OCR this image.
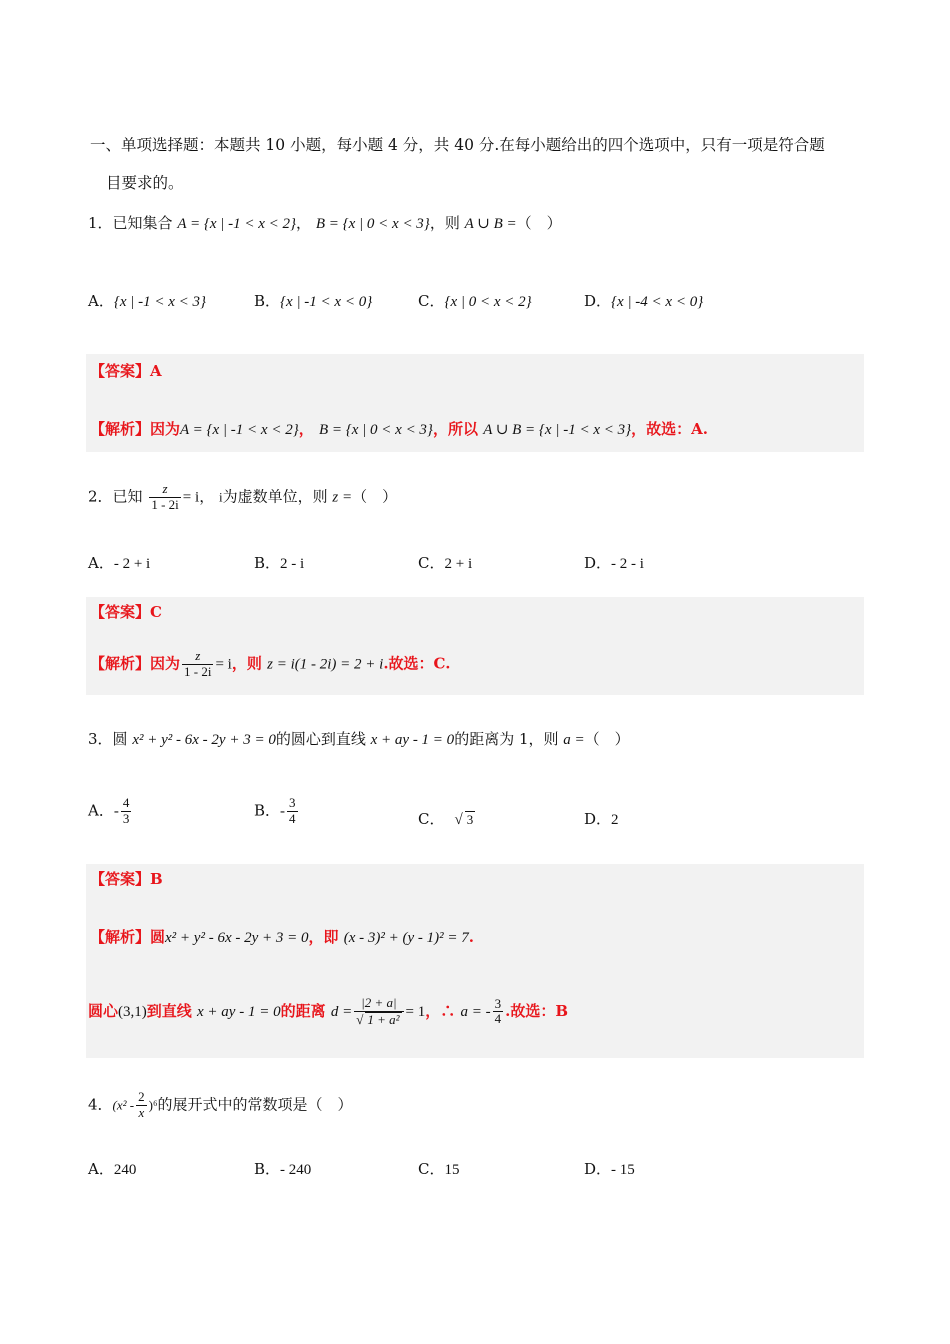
一、单项选择题：本题共 10 小题，每小题 4 分，共 40 分.在每小题给出的四个选项中，只有一项是符合题
目要求的。
1．已知集合 A = {x | -1 < x < 2}， B = {x | 0 < x < 3}，则 A ∪ B =（　）
A．{x | -1 < x < 3}	B．{x | -1 < x < 0}	C．{x | 0 < x < 2}	D．{x | -4 < x < 0}
【答案】A
【解析】因为A = {x | -1 < x < 2}， B = {x | 0 < x < 3}，所以 A ∪ B = {x | -1 < x < 3}，故选：A.
2．已知 $\frac{z}{1 - 2i} = i$， i为虚数单位，则 z =（　）
A．- 2 + i	B．2 - i	C．2 + i	D．- 2 - i
【答案】C
【解析】因为 $\frac{z}{1 - 2i} = i$，则 z = i(1 - 2i) = 2 + i.故选：C.
3．圆 x² + y² - 6x - 2y + 3 = 0的圆心到直线 x + ay - 1 = 0的距离为 1，则 a =（　）
A．- $\frac{4}{3}$	B．- $\frac{3}{4}$	C． √ 3	D．2
【答案】B
【解析】圆x² + y² - 6x - 2y + 3 = 0，即 (x - 3)² + (y - 1)² = 7.
圆心(3,1)到直线 x + ay - 1 = 0的距离 $d = \frac{|2 + a|}{\text{√ 1 + a²}} = 1$，∴ a = - $\frac{3}{4}$ .故选：B
4．$(x^2 - \frac{2}{x} )^6$的展开式中的常数项是（　）
A．240	B．- 240	C．15	D．- 15
